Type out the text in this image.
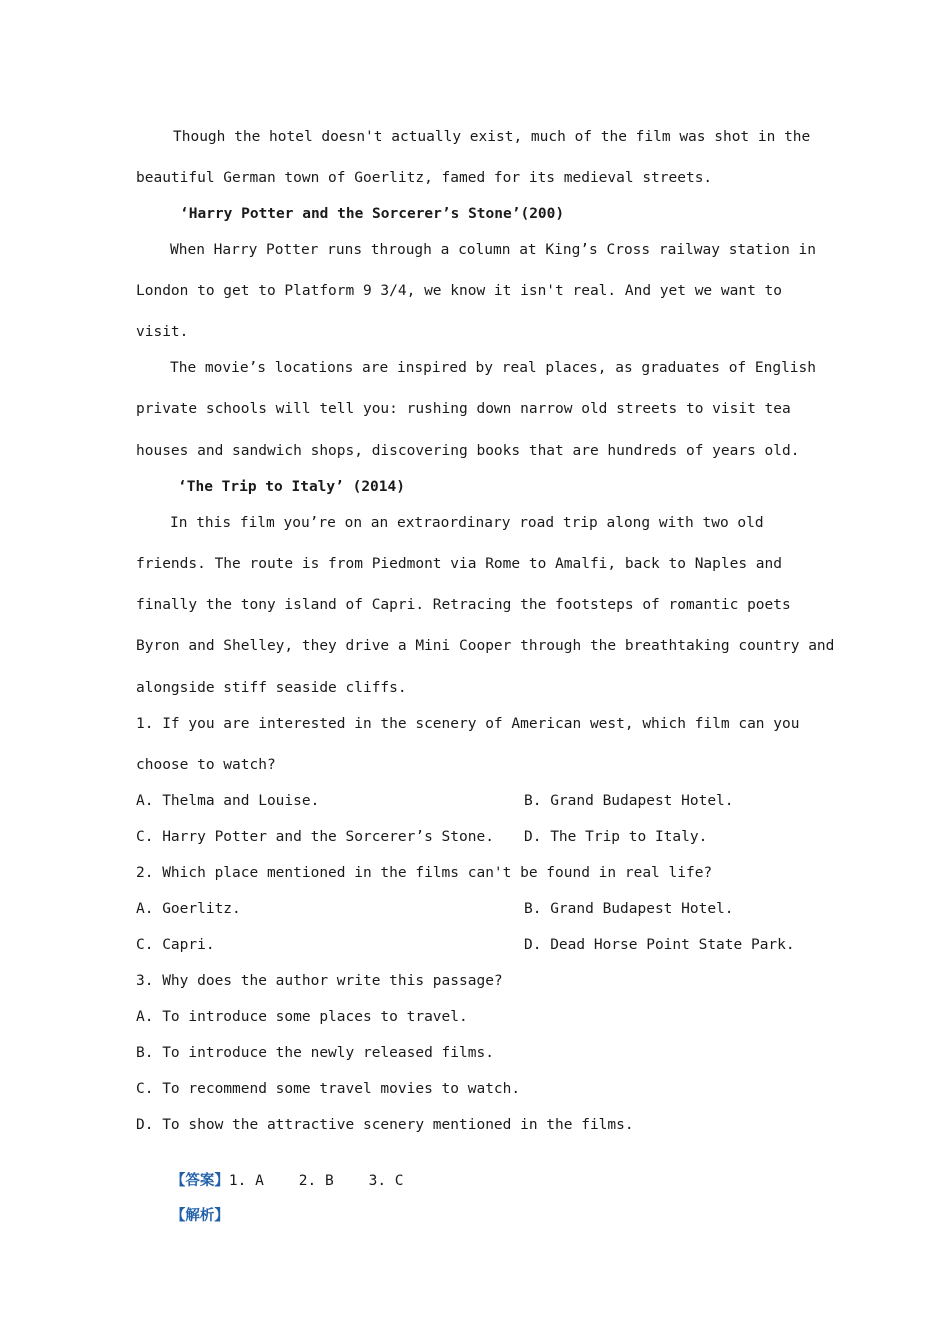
Though the hotel doesn't actually exist, much of the film was shot in the
beautiful German town of Goerlitz, famed for its medieval streets.
‘Harry Potter and the Sorcerer’s Stone’(200)
When Harry Potter runs through a column at King’s Cross railway station in
London to get to Platform 9 3/4, we know it isn't real. And yet we want to
visit.
The movie’s locations are inspired by real places, as graduates of English
private schools will tell you: rushing down narrow old streets to visit tea
houses and sandwich shops, discovering books that are hundreds of years old.
‘The Trip to Italy’ (2014)
In this film you’re on an extraordinary road trip along with two old
friends. The route is from Piedmont via Rome to Amalfi, back to Naples and
finally the tony island of Capri. Retracing the footsteps of romantic poets
Byron and Shelley, they drive a Mini Cooper through the breathtaking country and
alongside stiff seaside cliffs.
1. If you are interested in the scenery of American west, which film can you
choose to watch?
A. Thelma and Louise.	B. Grand Budapest Hotel.
C. Harry Potter and the Sorcerer’s Stone. D. The Trip to Italy.
2. Which place mentioned in the films can't be found in real life?
A. Goerlitz.	B. Grand Budapest Hotel.
C. Capri.	D. Dead Horse Point State Park.
3. Why does the author write this passage?
A. To introduce some places to travel.
B. To introduce the newly released films.
C. To recommend some travel movies to watch.
D. To show the attractive scenery mentioned in the films.

【答案】1. A    2. B    3. C

【解析】
